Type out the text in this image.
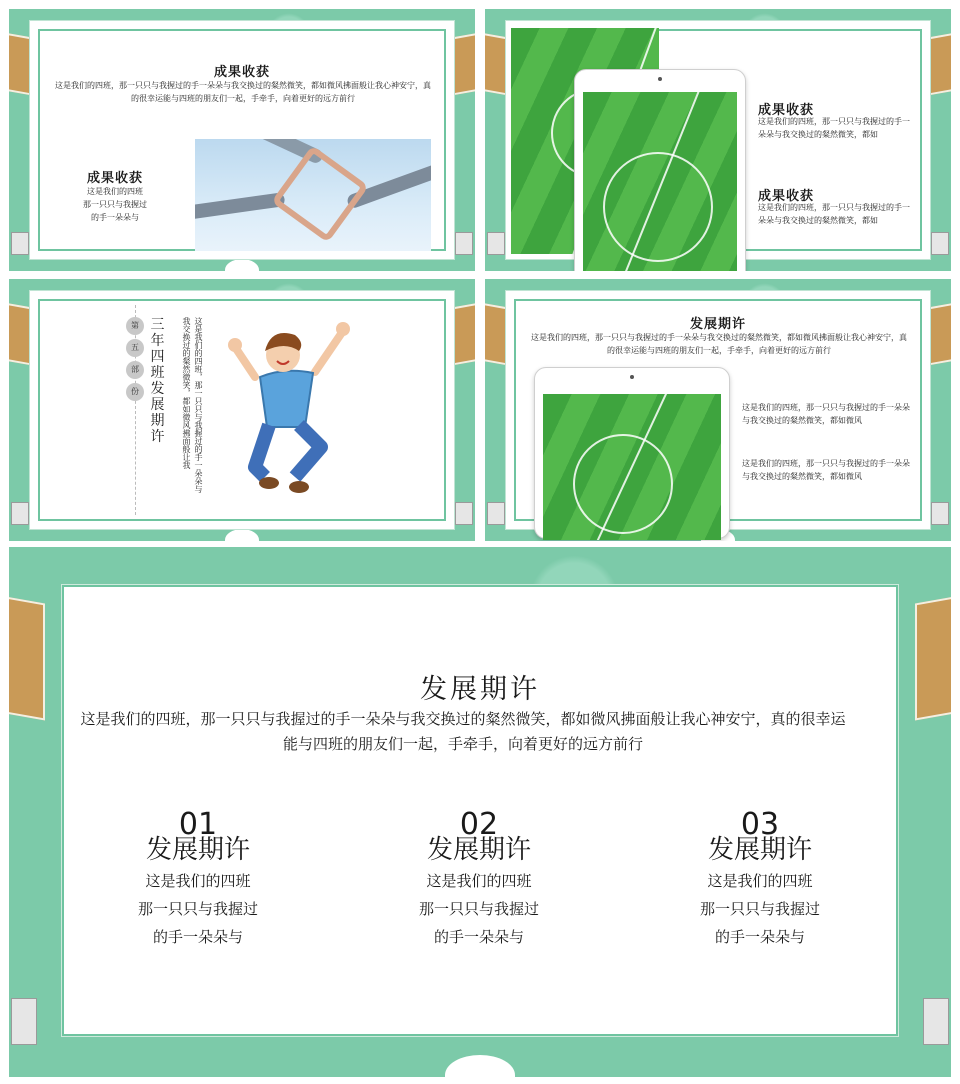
成果收获
这是我们的四班，那一只只与我握过的手一朵朵与我交换过的粲然微笑，都如微风拂面般让我心神安宁，真的很幸运能与四班的朋友们一起，手牵手，向着更好的远方前行
成果收获
这是我们的四班 那一只只与我握过 的手一朵朵与
成果收获
这是我们的四班，那一只只与我握过的手一朵朵与我交换过的粲然微笑，都如
成果收获
这是我们的四班，那一只只与我握过的手一朵朵与我交换过的粲然微笑，都如
第
五
部
份
三年四班发展期许	这是我们的四班，那一只只与我握过的手一朵朵与我交换过的粲然微笑，都如微风拂面般让我	发展期许
这是我们的四班，那一只只与我握过的手一朵朵与我交换过的粲然微笑，都如微风拂面般让我心神安宁，真的很幸运能与四班的朋友们一起，手牵手，向着更好的远方前行
这是我们的四班，那一只只与我握过的手一朵朵与我交换过的粲然微笑，都如微风
这是我们的四班，那一只只与我握过的手一朵朵与我交换过的粲然微笑，都如微风
发展期许
这是我们的四班，那一只只与我握过的手一朵朵与我交换过的粲然微笑，都如微风拂面般让我心神安宁，真的很幸运能与四班的朋友们一起，手牵手，向着更好的远方前行
01
发展期许
这是我们的四班
那一只只与我握过
的手一朵朵与
02
发展期许
这是我们的四班
那一只只与我握过
的手一朵朵与
03
发展期许
这是我们的四班
那一只只与我握过
的手一朵朵与
